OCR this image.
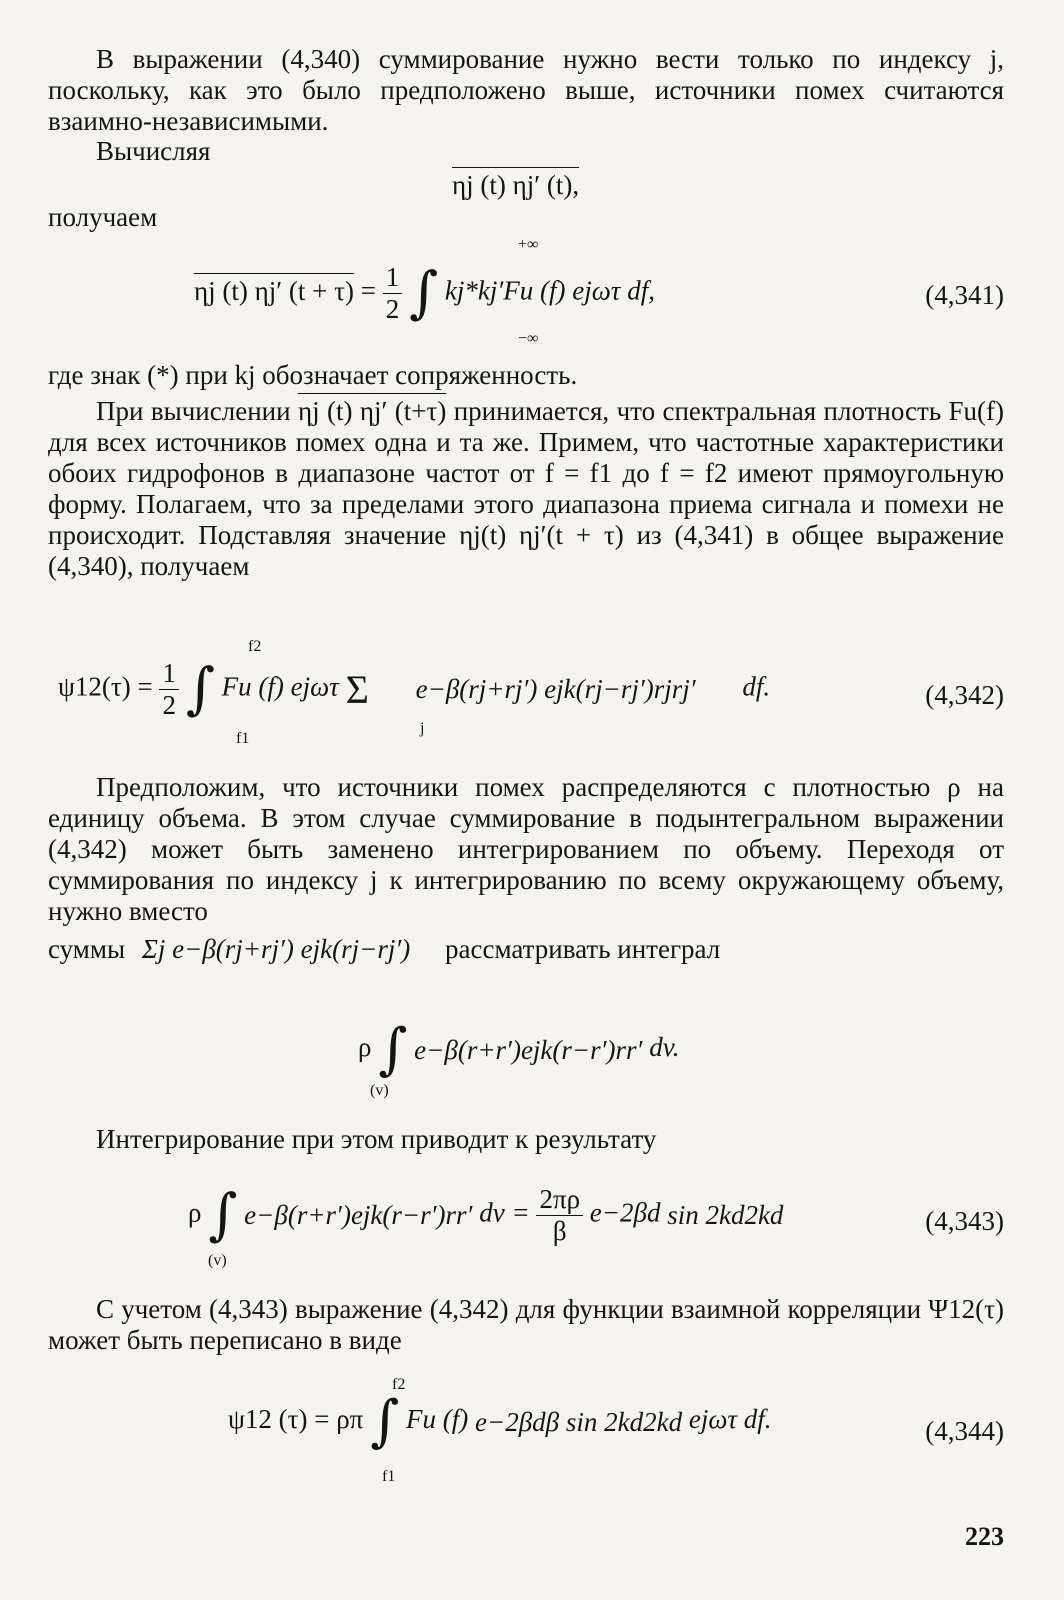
В выражении (4,340) суммирование нужно вести только по индексу j, поскольку, как это было предположено выше, источники помех считаются взаимно-независимыми.

Вычисляя

ηj (t) ηj′ (t),

получаем

+∞
−∞
ηj (t) ηj′ $(t + \tau) = \frac{1}{2}$ ∫ kj*kj′Fu (f) ejωτ df,	(4,341)

где знак (*) при kj обозначает сопряженность.

При вычислении ηj (t) ηj′ (t+τ) принимается, что спектральная плотность Fu(f) для всех источников помех одна и та же. Примем, что частотные характеристики обоих гидрофонов в диапазоне частот от f = f1 до f = f2 имеют прямоугольную форму. Полагаем, что за пределами этого диапазона приема сигнала и помехи не происходит. Подставляя значение ηj(t) ηj′(t + τ) из (4,341) в общее выражение (4,340), получаем
f2
f1
j
$\psi 12(\tau) = \frac{1}{2}$ ∫ Fu (f) ejωτ Σ e−β(rj+rj′) ejk(rj−rj′)rjrj′ df.	(4,342)

Предположим, что источники помех распределяются с плотностью ρ на единицу объема. В этом случае суммирование в подынтегральном выражении (4,342) может быть заменено интегрированием по объему. Переходя от суммирования по индексу j к интегрированию по всему окружающему объему, нужно вместо

суммы Σj e−β(rj+rj′) ejk(rj−rj′) рассматривать интеграл
(v)
ρ ∫ e−β(r+r′)ejk(r−r′)rr′ dv.

Интегрирование при этом приводит к результату

(v)
ρ ∫ e−β(r+r′)ejk(r−r′)rr′ dv = $\frac{2\pi\rho}{\beta} e-2\beta d$ sin 2kd2kd	(4,343)

С учетом (4,343) выражение (4,342) для функции взаимной корреляции Ψ12(τ) может быть переписано в виде

f2
f1
ψ12 (τ) = ρπ ∫ Fu (f) e−2βdβ sin 2kd2kd ejωτ df.	(4,344)
223
